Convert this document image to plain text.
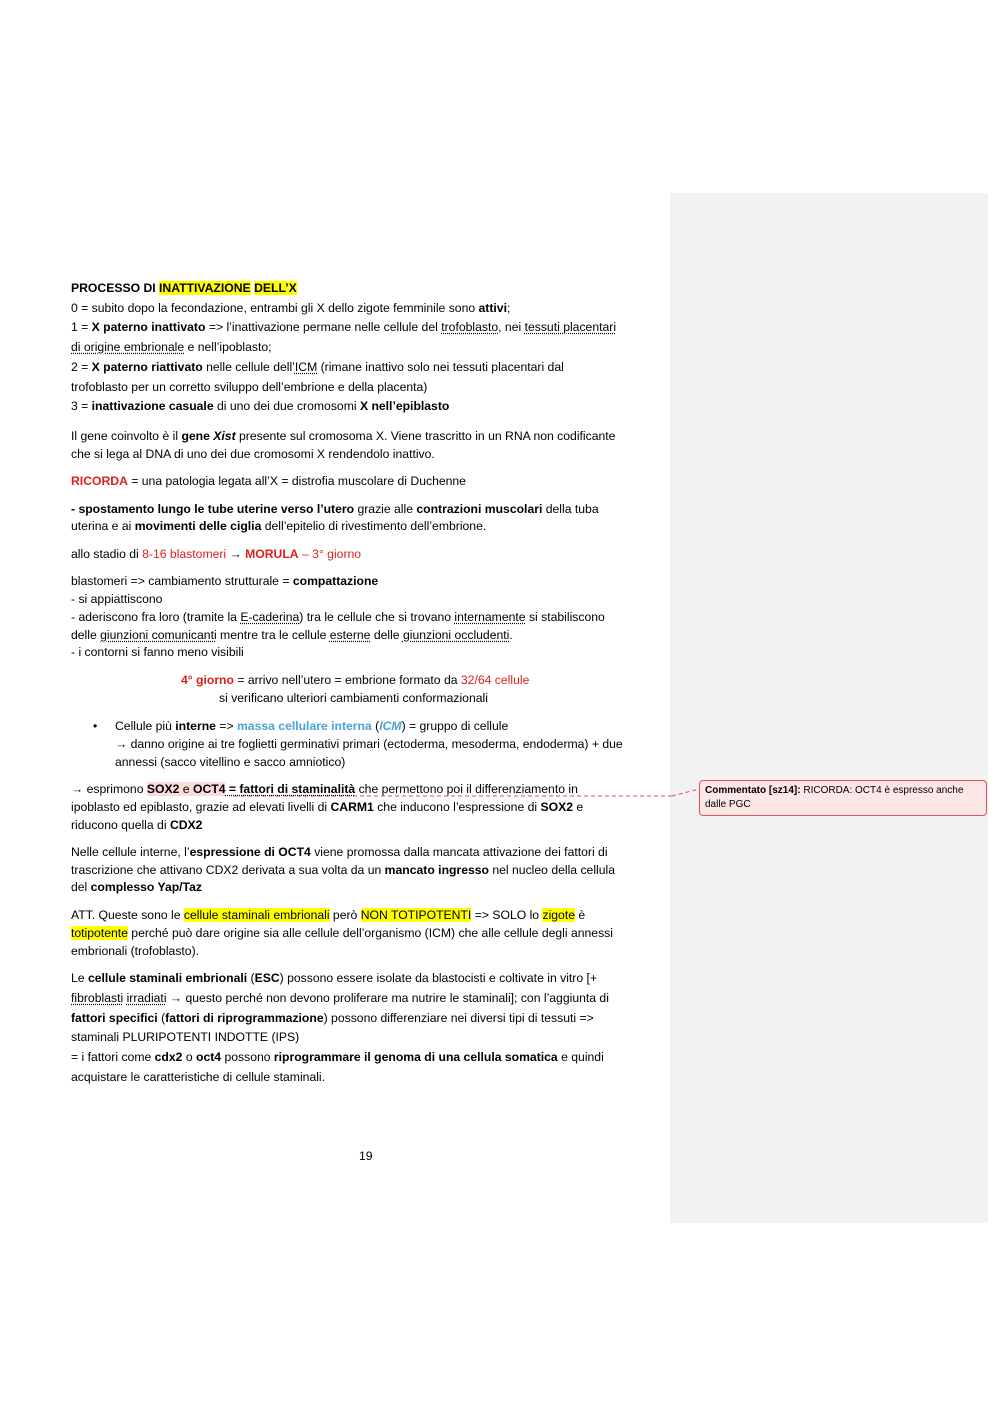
PROCESSO DI INATTIVAZIONE DELL’X
0 = subito dopo la fecondazione, entrambi gli X dello zigote femminile sono attivi;
1 = X paterno inattivato => l’inattivazione permane nelle cellule del trofoblasto, nei tessuti placentari
di origine embrionale e nell’ipoblasto;
2 = X paterno riattivato nelle cellule dell’ICM (rimane inattivo solo nei tessuti placentari dal
trofoblasto per un corretto sviluppo dell’embrione e della placenta)
3 = inattivazione casuale di uno dei due cromosomi X nell’epiblasto
Il gene coinvolto è il gene Xist presente sul cromosoma X. Viene trascritto in un RNA non codificante
che si lega al DNA di uno dei due cromosomi X rendendolo inattivo.
RICORDA = una patologia legata all’X = distrofia muscolare di Duchenne
- spostamento lungo le tube uterine verso l’utero grazie alle contrazioni muscolari della tuba
uterina e ai movimenti delle ciglia dell’epitelio di rivestimento dell’embrione.
allo stadio di 8-16 blastomeri → MORULA – 3° giorno
blastomeri => cambiamento strutturale = compattazione
- si appiattiscono
- aderiscono fra loro (tramite la E-caderina) tra le cellule che si trovano internamente si stabiliscono
delle giunzioni comunicanti mentre tra le cellule esterne delle giunzioni occludenti.
- i contorni si fanno meno visibili
4° giorno = arrivo nell’utero = embrione formato da 32/64 cellule
si verificano ulteriori cambiamenti conformazionali
• Cellule più interne => massa cellulare interna (ICM) = gruppo di cellule
→ danno origine ai tre foglietti germinativi primari (ectoderma, mesoderma, endoderma) + due
annessi (sacco vitellino e sacco amniotico)
→ esprimono SOX2 e OCT4 = fattori di staminalità che permettono poi il differenziamento in
ipoblasto ed epiblasto, grazie ad elevati livelli di CARM1 che inducono l’espressione di SOX2 e
riducono quella di CDX2
Nelle cellule interne, l’espressione di OCT4 viene promossa dalla mancata attivazione dei fattori di
trascrizione che attivano CDX2 derivata a sua volta da un mancato ingresso nel nucleo della cellula
del complesso Yap/Taz
ATT. Queste sono le cellule staminali embrionali però NON TOTIPOTENTI => SOLO lo zigote è
totipotente perché può dare origine sia alle cellule dell’organismo (ICM) che alle cellule degli annessi
embrionali (trofoblasto).
Le cellule staminali embrionali (ESC) possono essere isolate da blastocisti e coltivate in vitro [+
fibroblasti irradiati → questo perché non devono proliferare ma nutrire le staminali]; con l’aggiunta di
fattori specifici (fattori di riprogrammazione) possono differenziare nei diversi tipi di tessuti =>
staminali PLURIPOTENTI INDOTTE (IPS)
= i fattori come cdx2 o oct4 possono riprogrammare il genoma di una cellula somatica e quindi
acquistare le caratteristiche di cellule staminali.
19
Commentato [sz14]: RICORDA: OCT4 è espresso anche dalle PGC
